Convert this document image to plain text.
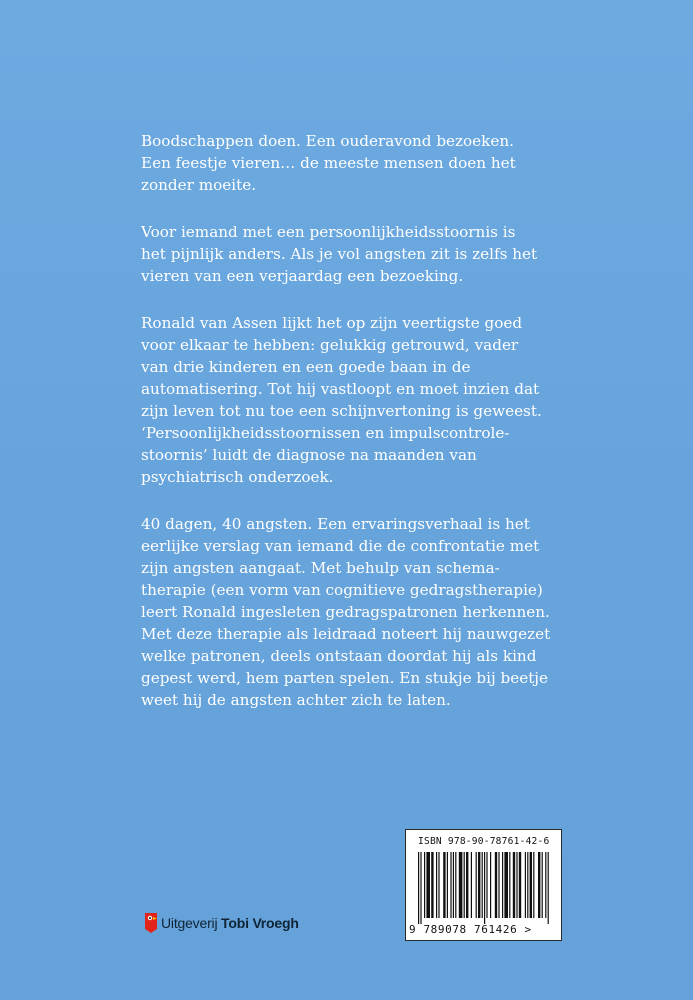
Boodschappen doen. Een ouderavond bezoeken.
Een feestje vieren… de meeste mensen doen het
zonder moeite.

Voor iemand met een persoonlijkheidsstoornis is
het pijnlijk anders. Als je vol angsten zit is zelfs het
vieren van een verjaardag een bezoeking.

Ronald van Assen lijkt het op zijn veertigste goed
voor elkaar te hebben: gelukkig getrouwd, vader
van drie kinderen en een goede baan in de
automatisering. Tot hij vastloopt en moet inzien dat
zijn leven tot nu toe een schijnvertoning is geweest.
‘Persoonlijkheidsstoornissen en impulscontrole-
stoornis’ luidt de diagnose na maanden van
psychiatrisch onderzoek.

40 dagen, 40 angsten. Een ervaringsverhaal is het
eerlijke verslag van iemand die de confrontatie met
zijn angsten aangaat. Met behulp van schema-
therapie (een vorm van cognitieve gedragstherapie)
leert Ronald ingesleten gedragspatronen herkennen.
Met deze therapie als leidraad noteert hij nauwgezet
welke patronen, deels ontstaan doordat hij als kind
gepest werd, hem parten spelen. En stukje bij beetje
weet hij de angsten achter zich te laten.

Uitgeverij Tobi Vroegh
ISBN 978-90-78761-42-6
9 789078 761426 >
